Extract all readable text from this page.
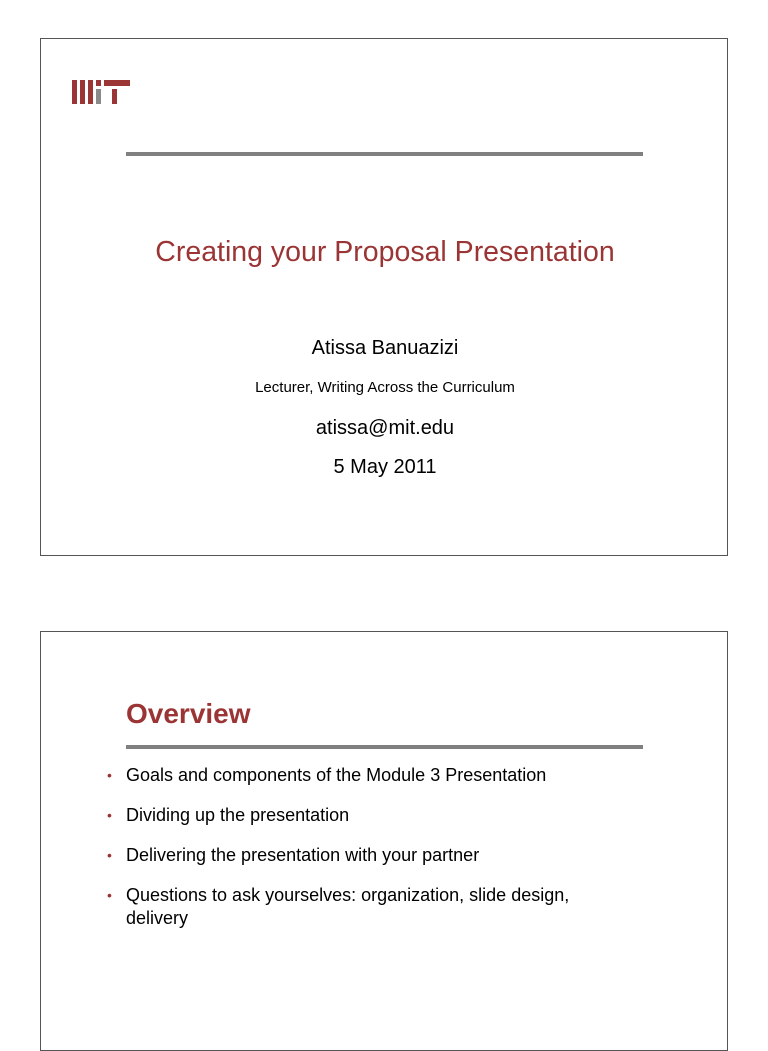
Creating your Proposal Presentation

Atissa Banuazizi

Lecturer, Writing Across the Curriculum

atissa@mit.edu

5 May 2011

Overview
• Goals and components of the Module 3 Presentation
• Dividing up the presentation
• Delivering the presentation with your partner
• Questions to ask yourselves: organization, slide design, delivery
